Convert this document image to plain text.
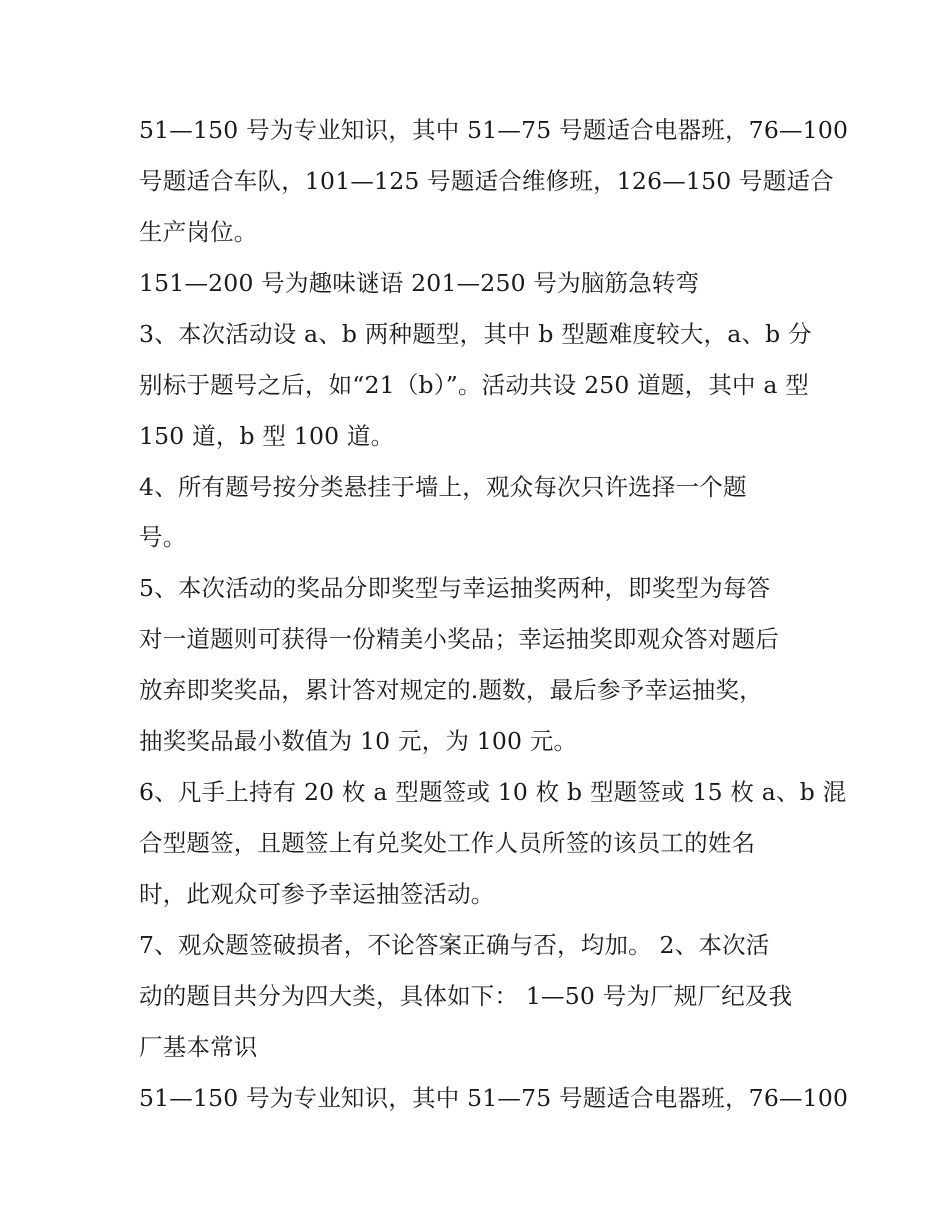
51—150 号为专业知识，其中 51—75 号题适合电器班，76—100
号题适合车队，101—125 号题适合维修班，126—150 号题适合
生产岗位。
151—200 号为趣味谜语 201—250 号为脑筋急转弯
3、本次活动设 a、b 两种题型，其中 b 型题难度较大，a、b 分
别标于题号之后，如“21（b）”。活动共设 250 道题，其中 a 型
150 道，b 型 100 道。
4、所有题号按分类悬挂于墙上，观众每次只许选择一个题
号。
5、本次活动的奖品分即奖型与幸运抽奖两种，即奖型为每答
对一道题则可获得一份精美小奖品；幸运抽奖即观众答对题后
放弃即奖奖品，累计答对规定的.题数，最后参予幸运抽奖，
抽奖奖品最小数值为 10 元，为 100 元。
6、凡手上持有 20 枚 a 型题签或 10 枚 b 型题签或 15 枚 a、b 混
合型题签，且题签上有兑奖处工作人员所签的该员工的姓名
时，此观众可参予幸运抽签活动。
7、观众题签破损者，不论答案正确与否，均加。 2、本次活
动的题目共分为四大类，具体如下： 1—50 号为厂规厂纪及我
厂基本常识
51—150 号为专业知识，其中 51—75 号题适合电器班，76—100
